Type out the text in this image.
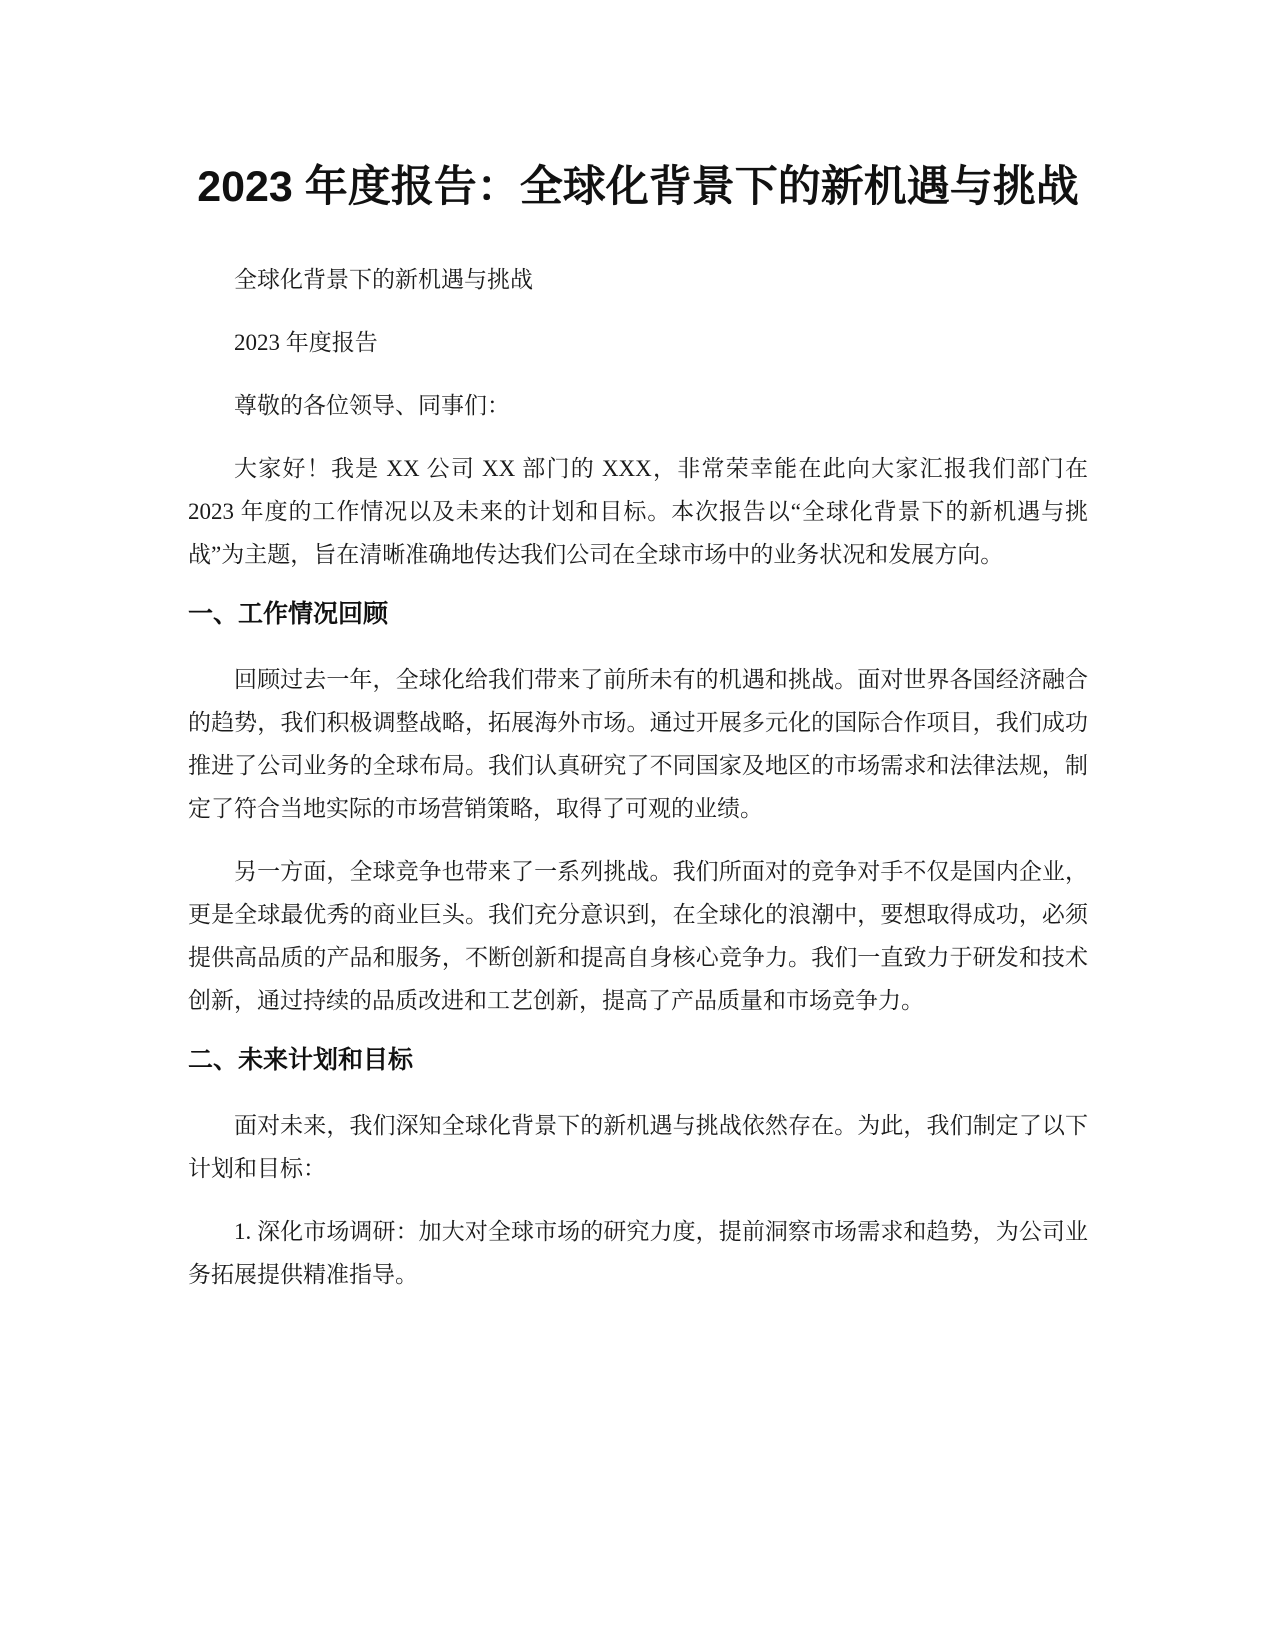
2023 年度报告：全球化背景下的新机遇与挑战

全球化背景下的新机遇与挑战

2023 年度报告

尊敬的各位领导、同事们：

大家好！我是 XX 公司 XX 部门的 XXX，非常荣幸能在此向大家汇报我们部门在 2023 年度的工作情况以及未来的计划和目标。本次报告以“全球化背景下的新机遇与挑战”为主题，旨在清晰准确地传达我们公司在全球市场中的业务状况和发展方向。

一、工作情况回顾

回顾过去一年，全球化给我们带来了前所未有的机遇和挑战。面对世界各国经济融合的趋势，我们积极调整战略，拓展海外市场。通过开展多元化的国际合作项目，我们成功推进了公司业务的全球布局。我们认真研究了不同国家及地区的市场需求和法律法规，制定了符合当地实际的市场营销策略，取得了可观的业绩。

另一方面，全球竞争也带来了一系列挑战。我们所面对的竞争对手不仅是国内企业，更是全球最优秀的商业巨头。我们充分意识到，在全球化的浪潮中，要想取得成功，必须提供高品质的产品和服务，不断创新和提高自身核心竞争力。我们一直致力于研发和技术创新，通过持续的品质改进和工艺创新，提高了产品质量和市场竞争力。

二、未来计划和目标

面对未来，我们深知全球化背景下的新机遇与挑战依然存在。为此，我们制定了以下计划和目标：

1. 深化市场调研：加大对全球市场的研究力度，提前洞察市场需求和趋势，为公司业务拓展提供精准指导。
